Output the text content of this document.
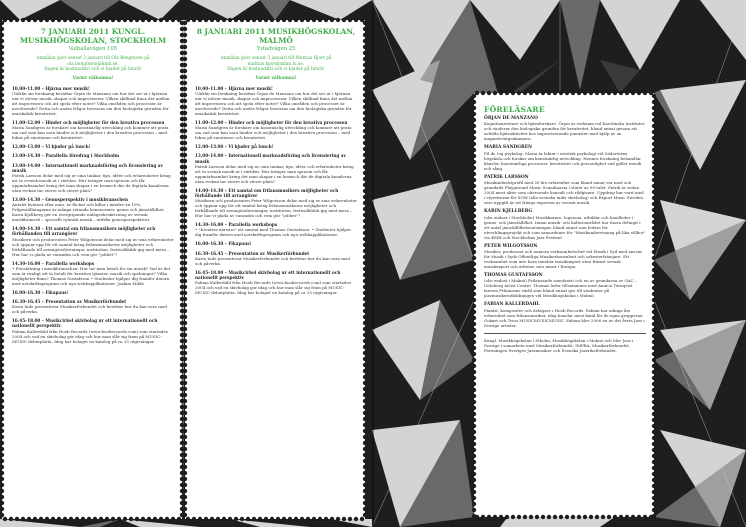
7 JANUARI 2011 KUNGL. MUSIKHÖGSKOLAN, STOCKHOLM
Valhallavägen 105
Anmälan görs senast 3 januari till Ola Bengtsson på
ola.bengtsson@kmh.se.
Dagen är kostnadsfri och vi bjuder på lunch!
Varmt välkomna!
10.00–11.00 – Hjärna mer musik!
Utifrån sin forskning berättar Örjan de Manzano om hur det ser ut i hjärnan när vi utövar musik, skapar och improviserar. Vilken skillnad finns det mellan att improvisera och att spela efter noter? Vilka områden och processer är involverade? Detta och andra frågor besvaras om den biologiska grunden för musikalisk kreativitet.
11.00–12.00 – Hinder och möjligheter för den kreativa processen
Maria Sandgren är forskare om konstnärlig utveckling och kommer att prata om vad som kan vara hinder och möjligheter i den kreativa processen – med fokus på emotioner och kreativitet.
12.00–13.00 – Vi bjuder på lunch!
13.00–14.30 – Parallella föredrag i Stockholm
13.00–14.00 – Internationell marknadsföring och licensiering av musik
Patrik Larsson delar med sig av sina tankar, tips, idéer och erfarenheter kring att ta svensk musik ut i världen. Hur tränger man igenom och får uppmärksamhet kring det man skapar i en bransch där de digitala kanalerna utan tvekan tar större och större plats?
13.00–14.30 – Genusperspektiv i musikbranschen
Antalet kvinnor eller män, av flickor och killar i mindre än 10%. Frågeställningarna är många rörande könsnormer, genus och jämställdhet. Karin Kjellberg ger en övergripande nulägesbeskrivning av svensk musikbransch – speciellt rytmisk musik – utifrån genusperspektivet.
14.00–14.30 – Ett samtal om frilansmusikers möjligheter och förhållanden till arrangörer
Musikern och producenten Peter Wilgotsson delar med sig av sina erfarenheter och öppnar upp för ett samtal kring frilansmusikerns möjligheter och förhållande till arrangörsföreningar, institution, festivalklubb-gig med mera – Hur har vi glada av varandra och vem gör "jobbet"?
14.30–16.00 – Parallella workshops
• Prissättning i musikbranschen: Hur tar man betalt för sin musik? Vad är det som är rimligt att ta betalt för kreativa tjänster, musik och spelningar? Vilka möjligheter finns? Thomas Gustafsson • Studenter hjälper dig framför datorn med notskriftsprogram och nya webbapplikationer. Joakim Milde
16.00–16.30 – Fikapaus!
16.30–16.45 – Presentation av Musikerförbundet
Karin Inde presenterar Musikerförbundet och berättar hur du kan vara med och påverka.
16.45–18.00 – Musikcirkel skivbolag ur ett internationellt och nationellt perspektiv
Fabian Kallerdahl från Hoob Records (www.hoobrecords.com) som startades 2004 och vad en skivbolag gör idag och hur man slår sig fram på MUSIC-MUSIC-debutplatta. Idag har bolaget en katalog på ca 25 utgivningar.
8 JANUARI 2011 MUSIKHÖGSKOLAN, MALMÖ
Ystadvägen 25
Anmälan görs senast 3 januari till Mattias Hjort på
mattias.hjort@mhm.lu.se.
Dagen är kostnadsfri och vi bjuder på lunch!
Varmt välkomna!
10.00–11.00 – Hjärna mer musik!
Utifrån sin forskning berättar Örjan de Manzano om hur det ser ut i hjärnan när vi utövar musik, skapar och improviserar. Vilken skillnad finns det mellan att improvisera och att spela efter noter? Vilka områden och processer är involverade? Detta och andra frågor besvaras om den biologiska grunden för musikalisk kreativitet.
11.00–12.00 – Hinder och möjligheter för den kreativa processen
Maria Sandgren är forskare om konstnärlig utveckling och kommer att prata om vad som kan vara hinder och möjligheter i den kreativa processen – med fokus på emotioner och kreativitet.
12.00–13.00 – Vi bjuder på lunch!
13.00–14.00 – Internationell marknadsföring och licensiering av musik
Patrik Larsson delar med sig av sina tankar, tips, idéer och erfarenheter kring att ta svensk musik ut i världen. Hur tränger man igenom och får uppmärksamhet kring det man skapar i en bransch där de digitala kanalerna utan tvekan tar större och större plats?
14.00–14.30 – Ett samtal om frilansmusikers möjligheter och förhållande till arrangörer
Musikern och producenten Peter Wilgotsson delar med sig av sina erfarenheter och öppnar upp för ett samtal kring frilansmusikerns möjligheter och förhållande till arrangörsföreningar, institution, festivalklubb-gig med mera – Hur har vi glada av varandra och vem gör "jobbet"?
14.30–16.00 – Parallella workshops
• "Kreativa närvaro" ett samtal med Thomas Gustafsson. • Studenter hjälper dig framför datorn med notskriftsprogram och nya webbapplikationer.
16.00–16.30 – Fikapaus!
16.30–16.45 – Presentation av Musikerförbundet
Karin Inde presenterar Musikerförbundet och berättar hur du kan vara med och påverka.
16.45–18.00 – Musikcirkel skivbolag ur ett internationellt och nationellt perspektiv
Fabian Kallerdahl från Hoob Records (www.hoobrecords.com) som startades 2004 och vad en skivbolag gör idag och hur man slår sig fram på MUSIC-MUSIC-debutplatta. Idag har bolaget en katalog på ca 25 utgivningar.
FÖRELÄSARE
ÖRJAN DE MANZANO
Kognitionsvetare och hjärnforskare. Örjan är verksam vid Karolinska Institutet och studerar den biologiska grunden för kreativitet, bland annat genom att avbilda hjärnaktivitet hos improviserande pianister med hjälp av en magnetröntgenkamera.
MARIA SANDGREN
Fil dr, leg psykolog. Maria är lektor i estetisk psykologi vid Södertörns högskola och forskar om konstnärlig utveckling. Hennes forskning behandlar känslor, konstnärliga processer, kreativitet och personlighet vad gäller musik och sång.
PATRIK LARSSON
Musikindustriprofil med 20 års erfarenhet som bland annat var med och grundade Playground Music Scandinavia i slutet av 90-talet. Patrik är sedan 2004 mest aktiv som oberoende konsult och rådgivare. Uppdrag har varit med i styrelserna för SOM (alla svenska indie skivbolag) och Export Music Sweden vars uppgift är att främja exporten av svensk musik.
KARIN KJELLBERG
(obs endast i Stockholm) Musikkarare, logonom, utbildar och handleder i genus- och jämställdhet. Innan musik- och kulturområdet har Karin deltagit i ett antal jämställdhetssatsningar, bland annat som ledare för utvecklingsprojekt och som samordnare för "Musikundervisning på lika villkor" via KMH och Stockholms Jazz Festival.
PETER WILGOTSSON
Musiker, producent och numera verksamhetschef vid Musik i Syd med ansvar för Musik i Syds Offentliga Musikerkonsulent och orkesterfrämjare. Ett verksamhet som inte bara innebär musikimport utan främst svensk musikexport och arbetar, inte minst i Europa.
THOMAS GUSTAFSSON
(obs endast i Malmö) Frilansande saxofonist och en av grundarna av GAC – Göteborg Artist Centre. Thomas leder tillsammans med Annica Törnqvist kursen Frilansens värld som bland annat ges till studenter på jazzmusikerutbildningen vid Musikhögskolan i Malmö.
FABIAN KALLERDAHL
Pianist, kompositör och delägare i Hoob Records. Fabian har många års erfarenhet som frilansmusiker, idag hanslar mest känd för de egna grupperna Gokart och Trios MUSICMUSICMUSIC. Fabian blev 2006 en av det årets Jazz i Sverige artister.
Kungl. Musikhögskolan i Stholm, Musikhögskolan i Malmö och Mer Jazz i Sverige i samarbete med Musikerförbundet, IMPRA, Musikerförbundet, Föreningen Sveriges Jazzmusiker och Svenska Jazzriksförbundet.
